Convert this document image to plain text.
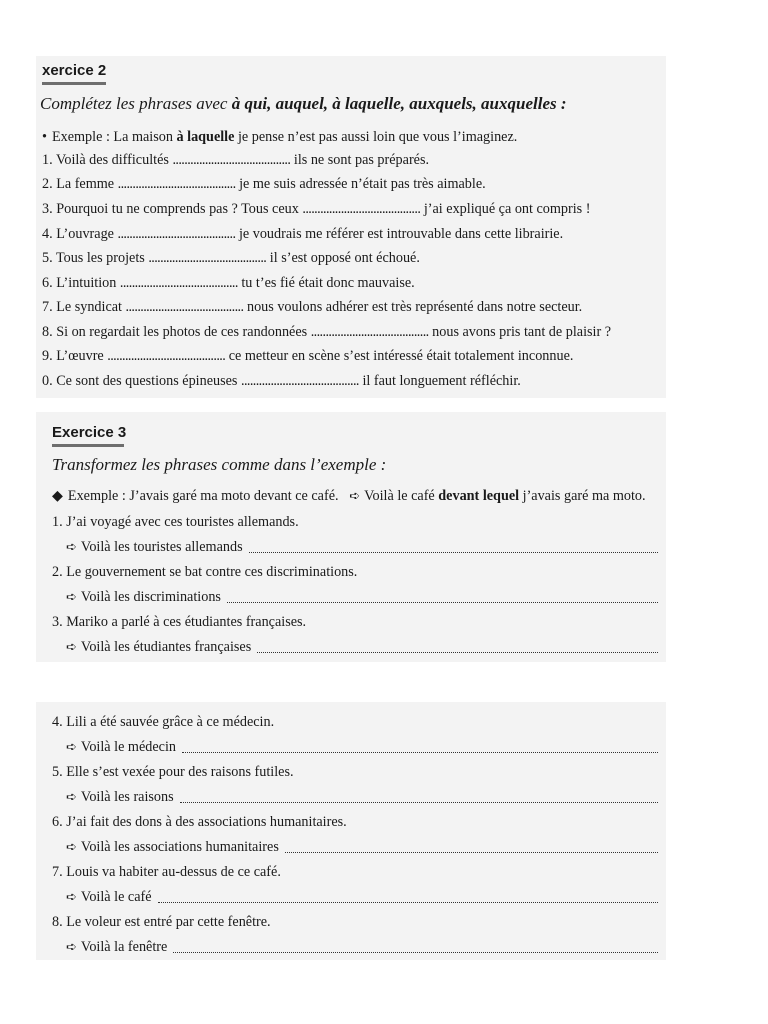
xercice 2
Complétez les phrases avec à qui, auquel, à laquelle, auxquels, auxquelles :
• Exemple : La maison à laquelle je pense n’est pas aussi loin que vous l’imaginez.
1. Voilà des difficultés ........................................ ils ne sont pas préparés.
2. La femme ........................................ je me suis adressée n’était pas très aimable.
3. Pourquoi tu ne comprends pas ? Tous ceux ........................................ j’ai expliqué ça ont compris !
4. L’ouvrage ........................................ je voudrais me référer est introuvable dans cette librairie.
5. Tous les projets ........................................ il s’est opposé ont échoué.
6. L’intuition ........................................ tu t’es fié était donc mauvaise.
7. Le syndicat ........................................ nous voulons adhérer est très représenté dans notre secteur.
8. Si on regardait les photos de ces randonnées ........................................ nous avons pris tant de plaisir ?
9. L’œuvre ........................................ ce metteur en scène s’est intéressé était totalement inconnue.
0. Ce sont des questions épineuses ........................................ il faut longuement réfléchir.
Exercice 3
Transformez les phrases comme dans l’exemple :
◆ Exemple : J’avais garé ma moto devant ce café. ➪ Voilà le café devant lequel j’avais garé ma moto.
1. J’ai voyagé avec ces touristes allemands.
➪ Voilà les touristes allemands
2. Le gouvernement se bat contre ces discriminations.
➪ Voilà les discriminations
3. Mariko a parlé à ces étudiantes françaises.
➪ Voilà les étudiantes françaises
4. Lili a été sauvée grâce à ce médecin.
➪ Voilà le médecin
5. Elle s’est vexée pour des raisons futiles.
➪ Voilà les raisons
6. J’ai fait des dons à des associations humanitaires.
➪ Voilà les associations humanitaires
7. Louis va habiter au-dessus de ce café.
➪ Voilà le café
8. Le voleur est entré par cette fenêtre.
➪ Voilà la fenêtre
